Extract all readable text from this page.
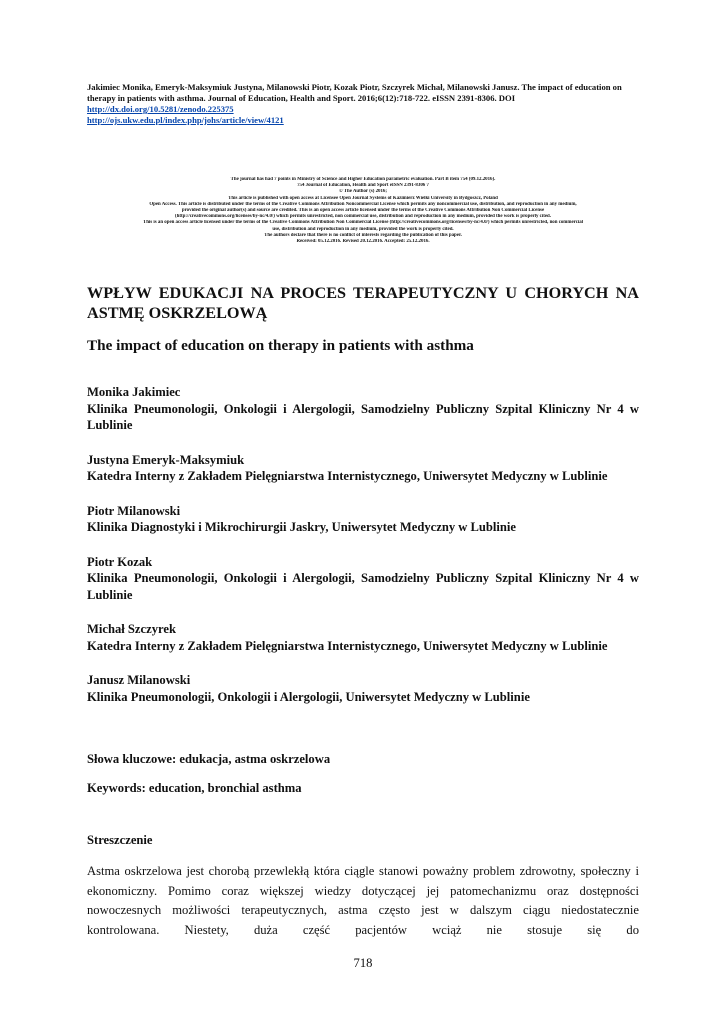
Jakimiec Monika, Emeryk-Maksymiuk Justyna, Milanowski Piotr, Kozak Piotr, Szczyrek Michał, Milanowski Janusz. The impact of education on therapy in patients with asthma. Journal of Education, Health and Sport. 2016;6(12):718-722. eISSN 2391-8306. DOI
http://dx.doi.org/10.5281/zenodo.225375
http://ojs.ukw.edu.pl/index.php/johs/article/view/4121
The journal has had 7 points in Ministry of Science and Higher Education parametric evaluation. Part B item 754 (09.12.2016).
754 Journal of Education, Health and Sport eISSN 2391-8306 7
© The Author (s) 2016;
This article is published with open access at Licensee Open Journal Systems of Kazimierz Wielki University in Bydgoszcz, Poland
Open Access. This article is distributed under the terms of the Creative Commons Attribution Noncommercial License which permits any noncommercial use, distribution, and reproduction in any medium,
provided the original author(s) and source are credited. This is an open access article licensed under the terms of the Creative Commons Attribution Non Commercial License
(http://creativecommons.org/licenses/by-nc/4.0/) which permits unrestricted, non commercial use, distribution and reproduction in any medium, provided the work is properly cited.
This is an open access article licensed under the terms of the Creative Commons Attribution Non Commercial License (http://creativecommons.org/licenses/by-nc/4.0/) which permits unrestricted, non commercial
use, distribution and reproduction in any medium, provided the work is properly cited.
The authors declare that there is no conflict of interests regarding the publication of this paper.
Received: 05.12.2016. Revised 20.12.2016. Accepted: 25.12.2016.
WPŁYW EDUKACJI NA PROCES TERAPEUTYCZNY U CHORYCH NA ASTMĘ OSKRZELOWĄ
The impact of education on therapy in patients with asthma
Monika Jakimiec
Klinika Pneumonologii, Onkologii i Alergologii, Samodzielny Publiczny Szpital Kliniczny Nr 4 w Lublinie
Justyna Emeryk-Maksymiuk
Katedra Interny z Zakładem Pielęgniarstwa Internistycznego, Uniwersytet Medyczny w Lublinie
Piotr Milanowski
Klinika Diagnostyki i Mikrochirurgii Jaskry, Uniwersytet Medyczny w Lublinie
Piotr Kozak
Klinika Pneumonologii, Onkologii i Alergologii, Samodzielny Publiczny Szpital Kliniczny Nr 4 w Lublinie
Michał Szczyrek
Katedra Interny z Zakładem Pielęgniarstwa Internistycznego, Uniwersytet Medyczny w Lublinie
Janusz Milanowski
Klinika Pneumonologii, Onkologii i Alergologii, Uniwersytet Medyczny w Lublinie
Słowa kluczowe: edukacja, astma oskrzelowa
Keywords: education, bronchial asthma
Streszczenie
Astma oskrzelowa jest chorobą przewlekłą która ciągle stanowi poważny problem zdrowotny, społeczny i ekonomiczny. Pomimo coraz większej wiedzy dotyczącej jej patomechanizmu oraz dostępności nowoczesnych możliwości terapeutycznych, astma często jest w dalszym ciągu niedostatecznie kontrolowana. Niestety, duża część pacjentów wciąż nie stosuje się do
718
